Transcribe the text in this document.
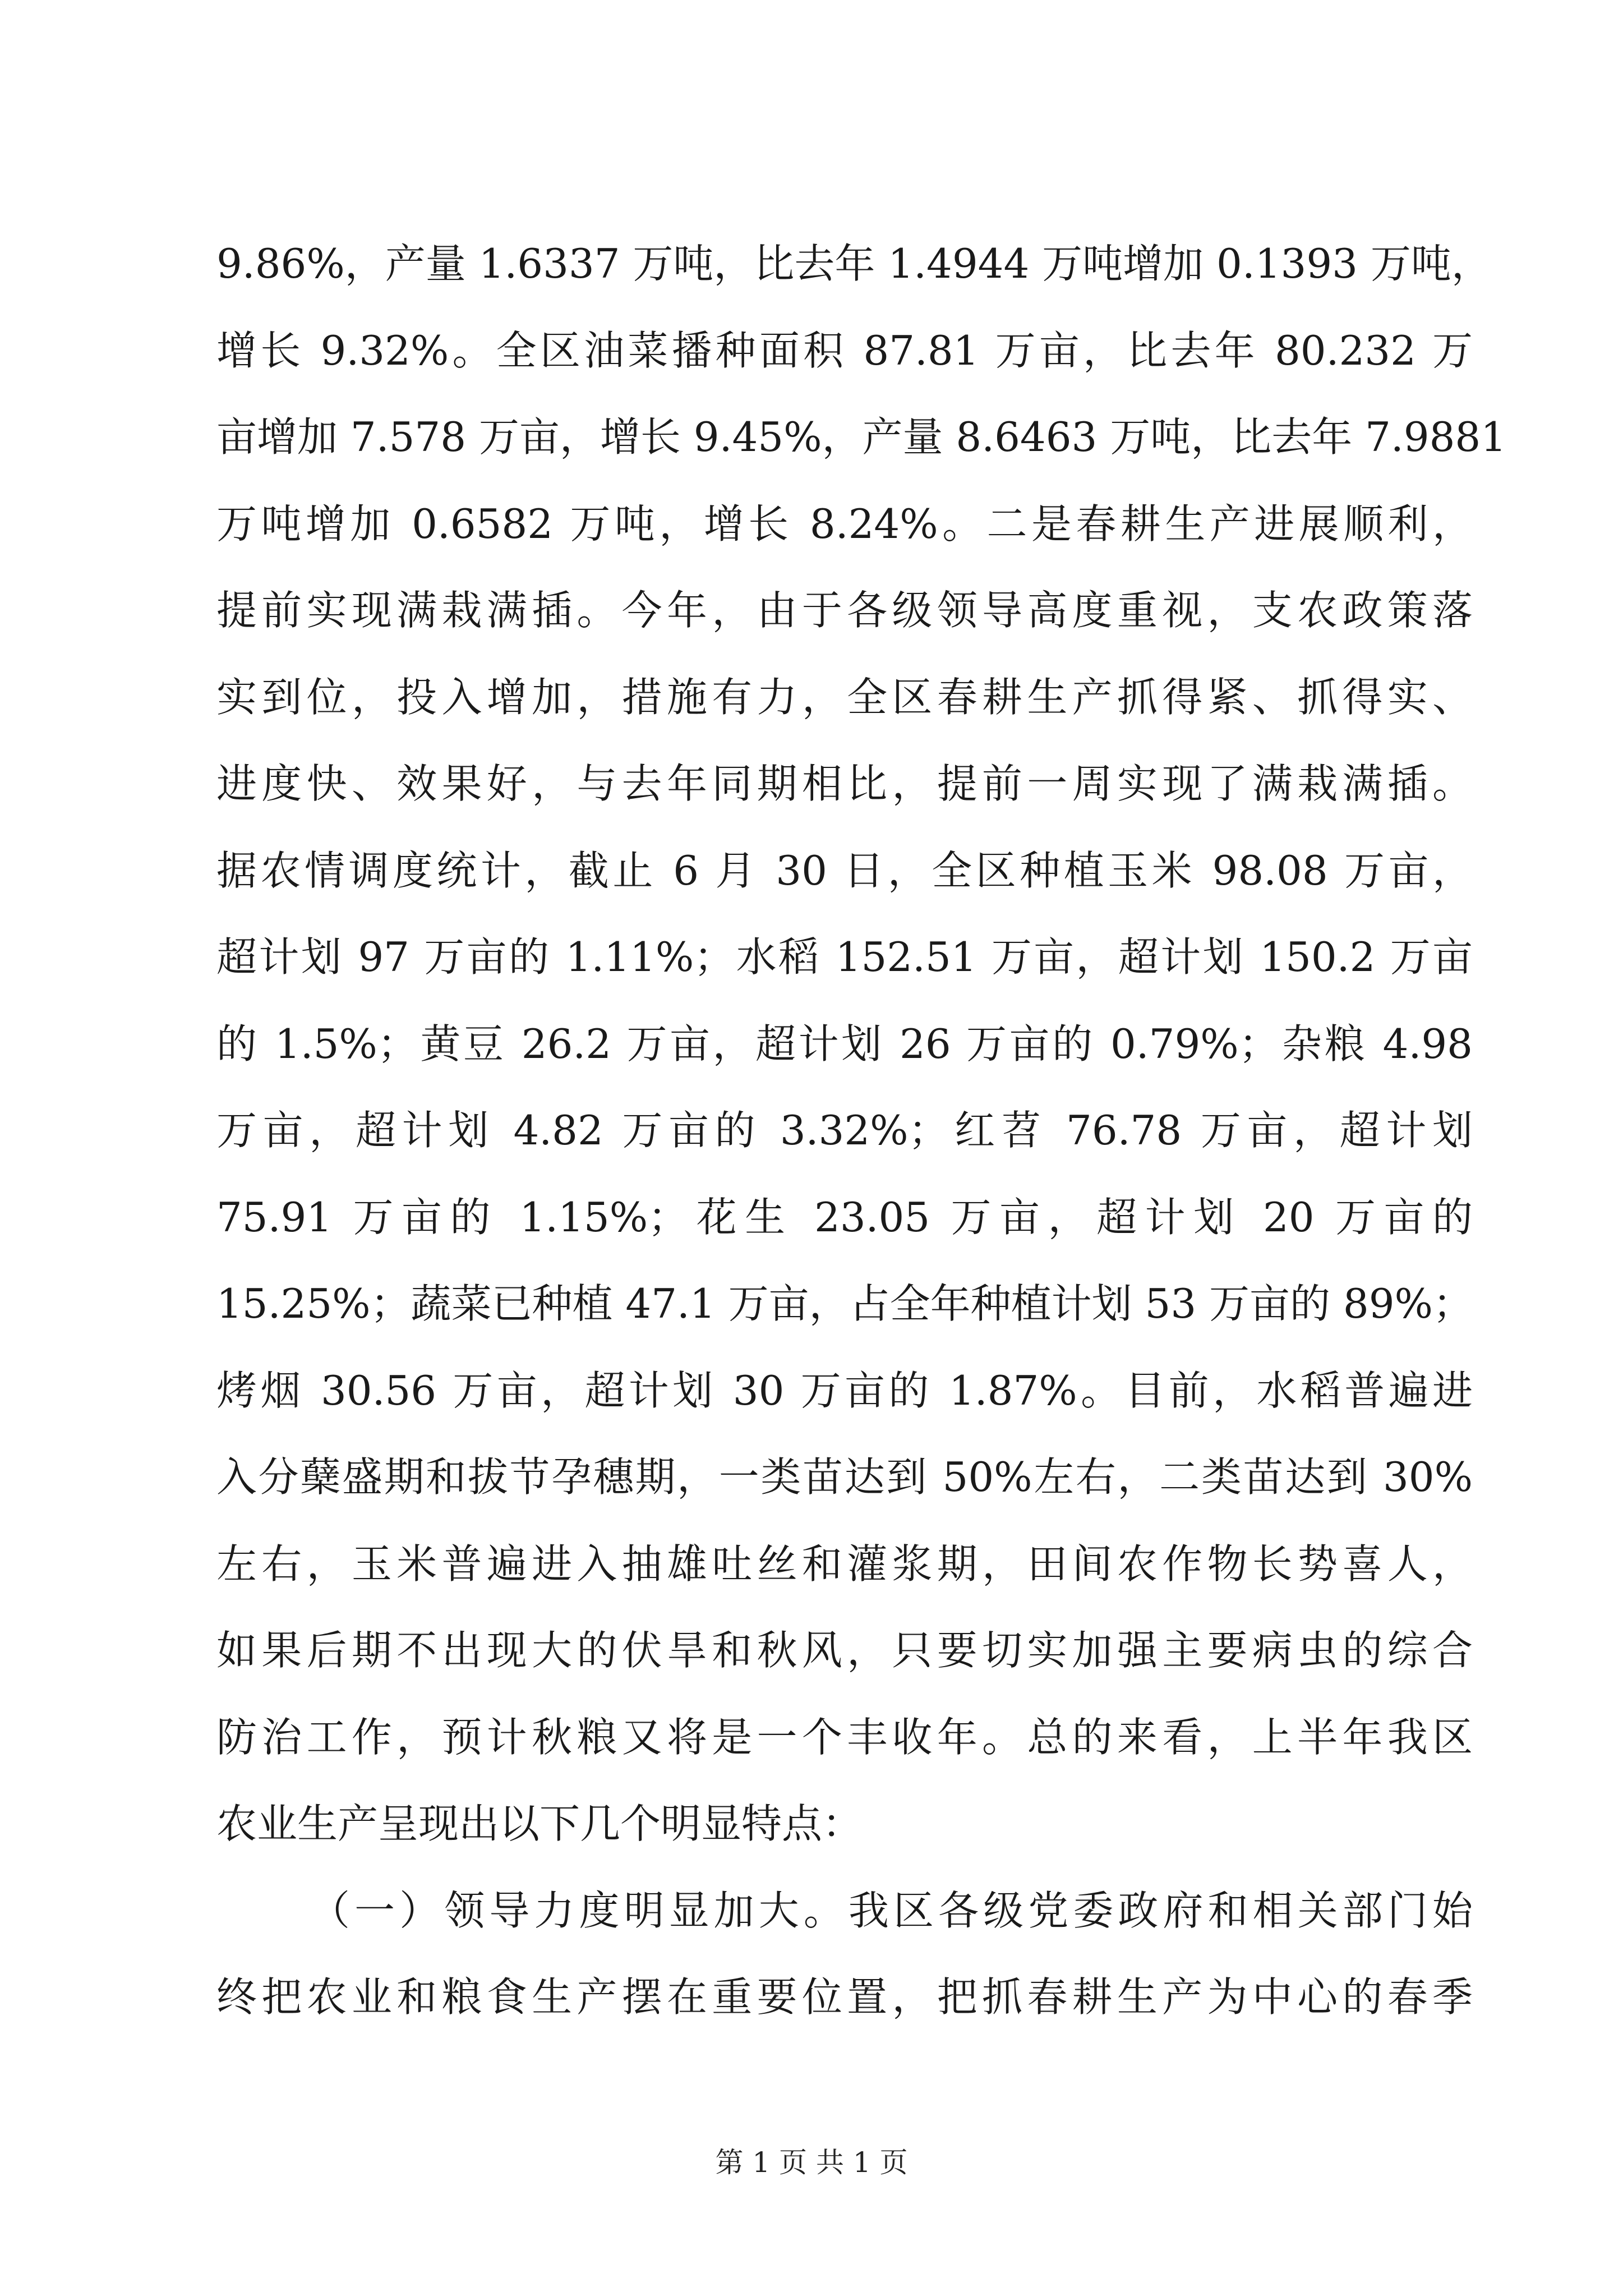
9.86%，产量 1.6337 万吨，比去年 1.4944 万吨增加 0.1393 万吨，
增长 9.32%。全区油菜播种面积 87.81 万亩，比去年 80.232 万
亩增加 7.578 万亩，增长 9.45%，产量 8.6463 万吨，比去年 7.9881
万吨增加 0.6582 万吨，增长 8.24%。二是春耕生产进展顺利，
提前实现满栽满插。今年，由于各级领导高度重视，支农政策落
实到位，投入增加，措施有力，全区春耕生产抓得紧、抓得实、
进度快、效果好，与去年同期相比，提前一周实现了满栽满插。
据农情调度统计，截止 6 月 30 日，全区种植玉米 98.08 万亩，
超计划 97 万亩的 1.11%；水稻 152.51 万亩，超计划 150.2 万亩
的 1.5%；黄豆 26.2 万亩，超计划 26 万亩的 0.79%；杂粮 4.98
万亩，超计划 4.82 万亩的 3.32%；红苕 76.78 万亩，超计划
75.91 万亩的 1.15%；花生 23.05 万亩，超计划 20 万亩的
15.25%；蔬菜已种植 47.1 万亩，占全年种植计划 53 万亩的 89%；
烤烟 30.56 万亩，超计划 30 万亩的 1.87%。目前，水稻普遍进
入分蘖盛期和拔节孕穗期，一类苗达到 50%左右，二类苗达到 30%
左右，玉米普遍进入抽雄吐丝和灌浆期，田间农作物长势喜人，
如果后期不出现大的伏旱和秋风，只要切实加强主要病虫的综合
防治工作，预计秋粮又将是一个丰收年。总的来看，上半年我区
农业生产呈现出以下几个明显特点：
（一）领导力度明显加大。我区各级党委政府和相关部门始
终把农业和粮食生产摆在重要位置，把抓春耕生产为中心的春季
第 1 页 共 1 页
